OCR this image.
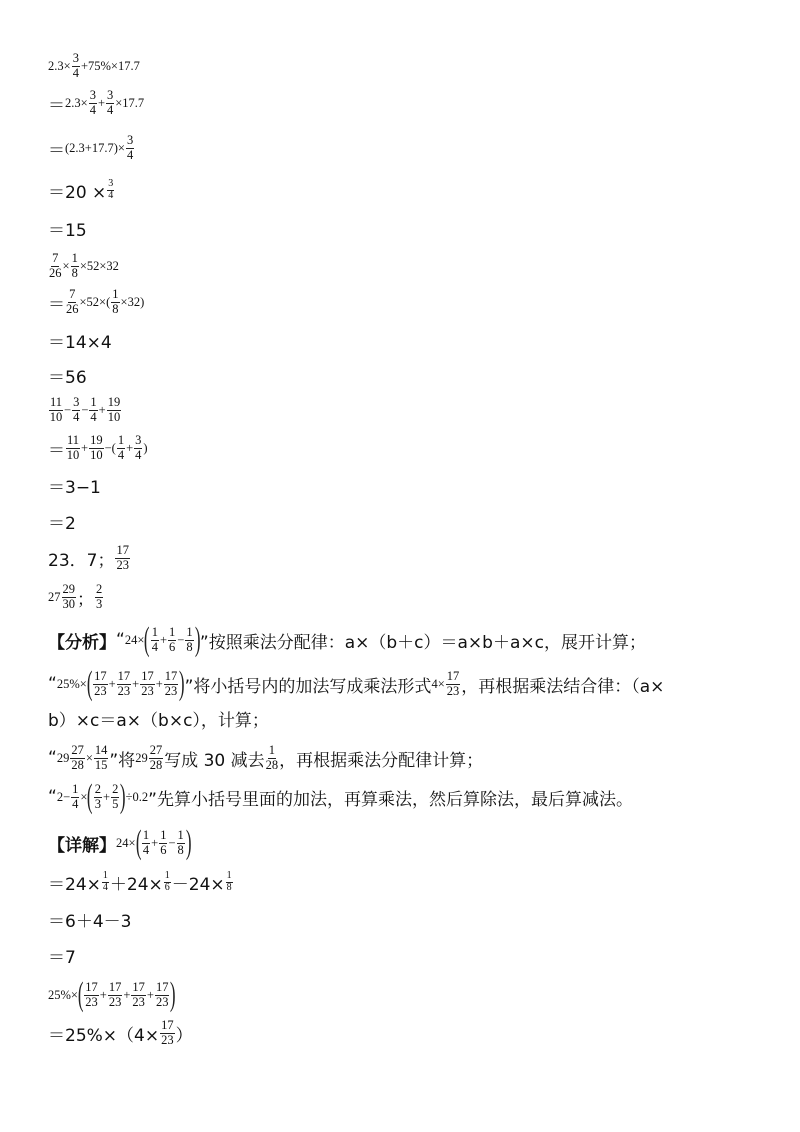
$2.3\times \frac{3}{4} +75\%\times 17.7$
＝ $2.3\times \frac{3}{4} + \frac{3}{4} \times 17.7$
＝ $(2.3+17.7)\times \frac{3}{4}$
$=20 \times \frac{3}{4}$
＝15
$\frac{7}{26} \times \frac{1}{8} \times 52\times 32$
＝ $\frac{7}{26} \times 52\times( \frac{1}{8} \times 32)$
＝14×4
＝56
$\frac{11}{10} - \frac{3}{4} - \frac{1}{4} + \frac{19}{10}$
＝ $\frac{11}{10} + \frac{19}{10}$ −( $\frac{1}{4} + \frac{3}{4}$ )
＝3−1
＝2
23．7； $\frac{17}{23}$
$27 \frac{29}{30}$ ； $\frac{2}{3}$
【分析】 “ 24× ( $\frac{1}{4} + \frac{1}{6} - \frac{1}{8}$ ) ”按照乘法分配律：a×（b＋c）＝a×b＋a×c，展开计算；
“ 25%× ( $\frac{17}{23} + \frac{17}{23} + \frac{17}{23} + \frac{17}{23}$ ) ”将小括号内的加法写成乘法形式 $4\times \frac{17}{23}$ ，再根据乘法结合律：（a×
b）×c＝a×（b×c），计算；
“ $29 \frac{27}{28} \times \frac{14}{15}$ ”将 $29 \frac{27}{28}$ 写成 30 减去 $\frac{1}{28}$ ，再根据乘法分配律计算；
“ $2- \frac{1}{4}$ × ( $\frac{2}{3} + \frac{2}{5}$ ) ÷0.2 ”先算小括号里面的加法，再算乘法，然后算除法，最后算减法。
【详解】 24× ( $\frac{1}{4} + \frac{1}{6} - \frac{1}{8}$ )
$=24\times \frac{1}{4} +24\times \frac{1}{6} -24\times \frac{1}{8}$
＝6＋4－3
＝7
25%× ( $\frac{17}{23} + \frac{17}{23} + \frac{17}{23} + \frac{17}{23}$ )
$=25\%\times(4\times \frac{17}{23}$ ）
